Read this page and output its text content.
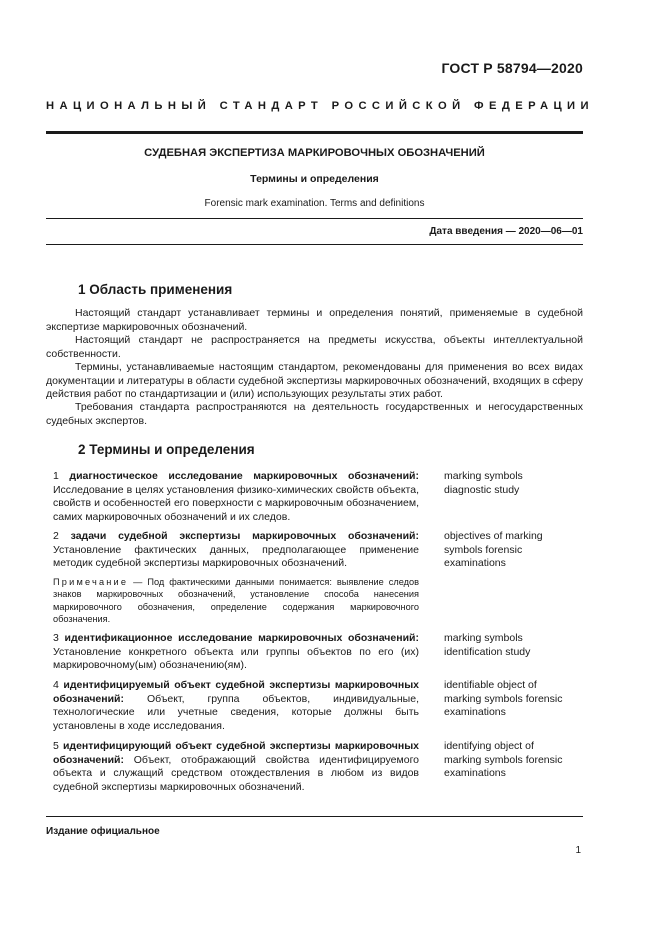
ГОСТ Р 58794—2020
НАЦИОНАЛЬНЫЙ СТАНДАРТ РОССИЙСКОЙ ФЕДЕРАЦИИ
СУДЕБНАЯ ЭКСПЕРТИЗА МАРКИРОВОЧНЫХ ОБОЗНАЧЕНИЙ
Термины и определения
Forensic mark examination. Terms and definitions
Дата введения — 2020—06—01
1 Область применения

Настоящий стандарт устанавливает термины и определения понятий, применяемые в судебной экспертизе маркировочных обозначений.

Настоящий стандарт не распространяется на предметы искусства, объекты интеллектуальной собственности.

Термины, устанавливаемые настоящим стандартом, рекомендованы для применения во всех видах документации и литературы в области судебной экспертизы маркировочных обозначений, входящих в сферу действия работ по стандартизации и (или) использующих результаты этих работ.

Требования стандарта распространяются на деятельность государственных и негосударственных судебных экспертов.

2 Термины и определения
1 диагностическое исследование маркировочных обозначений: Исследование в целях установления физико-химических свойств объекта, свойств и особенностей его поверхности с маркировочным обозначением, самих маркировочных обозначений и их следов.
marking symbols diagnostic study
2 задачи судебной экспертизы маркировочных обозначений: Установление фактических данных, предполагающее применение методик судебной экспертизы маркировочных обозначений.
objectives of marking symbols forensic examinations
Примечание — Под фактическими данными понимается: выявление следов знаков маркировочных обозначений, установление способа нанесения маркировочного обозначения, определение содержания маркировочного обозначения.
3 идентификационное исследование маркировочных обозначений: Установление конкретного объекта или группы объектов по его (их) маркировочному(ым) обозначению(ям).
marking symbols identification study
4 идентифицируемый объект судебной экспертизы маркировочных обозначений: Объект, группа объектов, индивидуальные, технологические или учетные сведения, которые должны быть установлены в ходе исследования.
identifiable object of marking symbols forensic examinations
5 идентифицирующий объект судебной экспертизы маркировочных обозначений: Объект, отображающий свойства идентифицируемого объекта и служащий средством отождествления в любом из видов судебной экспертизы маркировочных обозначений.
identifying object of marking symbols forensic examinations
Издание официальное
1
